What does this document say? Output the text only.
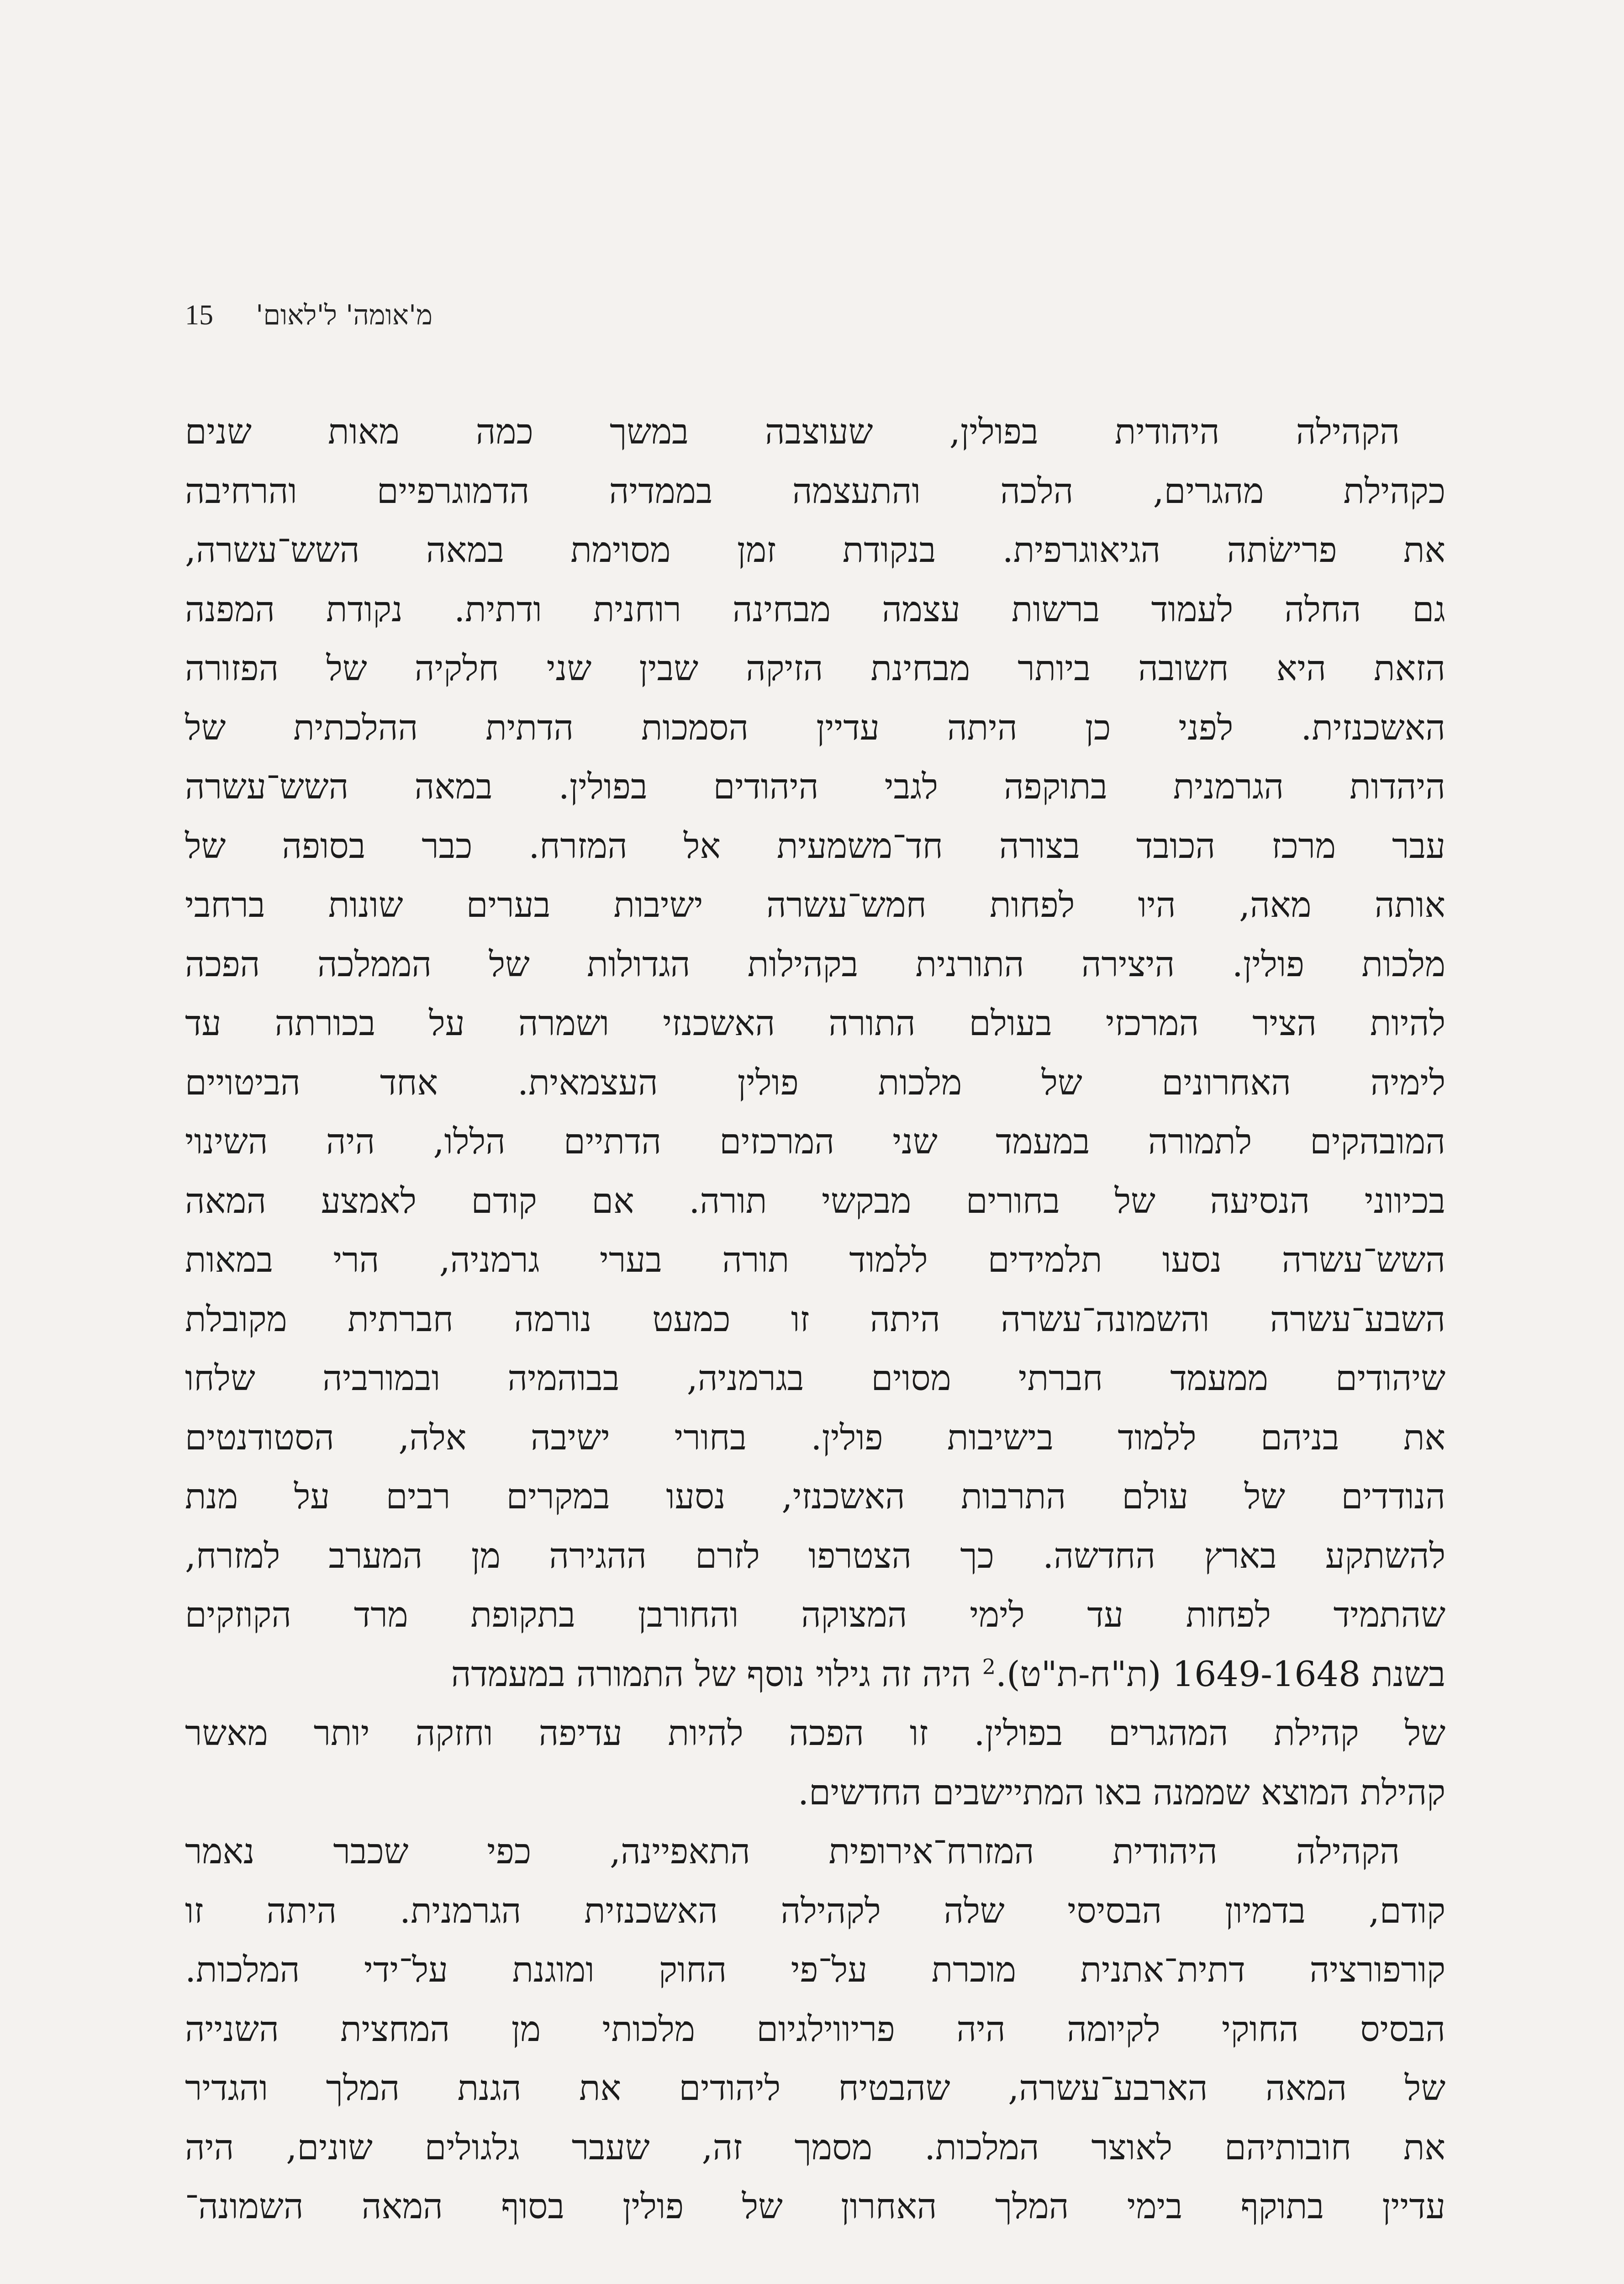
15 מ'אומה' ל'לאום'
הקהילה היהודית בפולין, שעוצבה במשך כמה מאות שנים
כקהילת מהגרים, הלכה והתעצמה בממדיה הדמוגרפיים והרחיבה
את פרישׂתה הגיאוגרפית. בנקודת זמן מסוימת במאה השש־עשרה,
גם החלה לעמוד ברשות עצמה מבחינה רוחנית ודתית. נקודת המפנה
הזאת היא חשובה ביותר מבחינת הזיקה שבין שני חלקיה של הפזורה
האשכנזית. לפני כן היתה עדיין הסמכות הדתית ההלכתית של
היהדות הגרמנית בתוקפה לגבי היהודים בפולין. במאה השש־עשרה
עבר מרכז הכובד בצורה חד־משמעית אל המזרח. כבר בסופה של
אותה מאה, היו לפחות חמש־עשרה ישיבות בערים שונות ברחבי
מלכות פולין. היצירה התורנית בקהילות הגדולות של הממלכה הפכה
להיות הציר המרכזי בעולם התורה האשכנזי ושמרה על בכורתה עד
לימיה האחרונים של מלכות פולין העצמאית. אחד הביטויים
המובהקים לתמורה במעמד שני המרכזים הדתיים הללו, היה השינוי
בכיווני הנסיעה של בחורים מבקשי תורה. אם קודם לאמצע המאה
השש־עשרה נסעו תלמידים ללמוד תורה בערי גרמניה, הרי במאות
השבע־עשרה והשמונה־עשרה היתה זו כמעט נורמה חברתית מקובלת
שיהודים ממעמד חברתי מסוים בגרמניה, בבוהמיה ובמורביה שלחו
את בניהם ללמוד בישיבות פולין. בחורי ישיבה אלה, הסטודנטים
הנודדים של עולם התרבות האשכנזי, נסעו במקרים רבים על מנת
להשתקע בארץ החדשה. כך הצטרפו לזרם ההגירה מן המערב למזרח,
שהתמיד לפחות עד לימי המצוקה והחורבן בתקופת מרד הקוזקים
בשנת 1649-1648 (ת"ח-ת"ט).$^2$ היה זה גילוי נוסף של התמורה במעמדה
של קהילת המהגרים בפולין. זו הפכה להיות עדיפה וחזקה יותר מאשר
קהילת המוצא שממנה באו המתיישבים החדשים.
הקהילה היהודית המזרח־אירופית התאפיינה, כפי שכבר נאמר
קודם, בדמיון הבסיסי שלה לקהילה האשכנזית הגרמנית. היתה זו
קורפורציה דתית־אתנית מוכרת על־פי החוק ומוגנת על־ידי המלכות.
הבסיס החוקי לקיומה היה פריווילגיום מלכותי מן המחצית השנייה
של המאה הארבע־עשרה, שהבטיח ליהודים את הגנת המלך והגדיר
את חובותיהם לאוצר המלכות. מסמך זה, שעבר גלגולים שונים, היה
עדיין בתוקף בימי המלך האחרון של פולין בסוף המאה השמונה־
